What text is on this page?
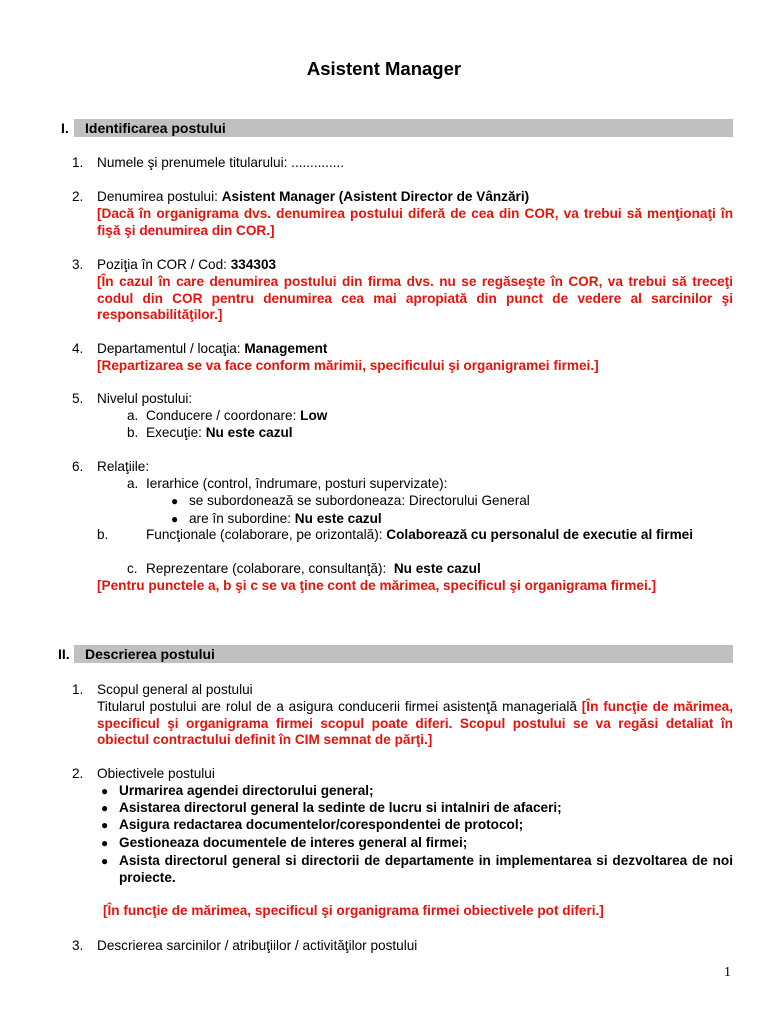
Asistent Manager
I.	Identificarea postului
1. Numele şi prenumele titularului: ..............
2. Denumirea postului: Asistent Manager (Asistent Director de Vânzări)
[Dacă în organigrama dvs. denumirea postului diferă de cea din COR, va trebui să menţionaţi în fişă şi denumirea din COR.]
3. Poziţia în COR / Cod: 334303
[În cazul în care denumirea postului din firma dvs. nu se regăseşte în COR, va trebui să treceţi codul din COR pentru denumirea cea mai apropiată din punct de vedere al sarcinilor şi responsabilităţilor.]
4. Departamentul / locaţia: Management
[Repartizarea se va face conform mărimii, specificului şi organigramei firmei.]
5. Nivelul postului:
a. Conducere / coordonare: Low
b. Execuţie: Nu este cazul
6. Relaţiile:
a. Ierarhice (control, îndrumare, posturi supervizate):
● se subordonează se subordoneaza: Directorului General
● are în subordine: Nu este cazul
b.	Funcţionale (colaborare, pe orizontală): Colaborează cu personalul de executie al firmei
c. Reprezentare (colaborare, consultanţă):  Nu este cazul
[Pentru punctele a, b şi c se va ţine cont de mărimea, specificul şi organigrama firmei.]
II.	Descrierea postului
1. Scopul general al postului
Titularul postului are rolul de a asigura conducerii firmei asistenţă managerială [În funcţie de mărimea, specificul şi organigrama firmei scopul poate diferi. Scopul postului se va regăsi detaliat în obiectul contractului definit în CIM semnat de părţi.]
2. Obiectivele postului
● Urmarirea agendei directorului general;
● Asistarea directorul general la sedinte de lucru si intalniri de afaceri;
● Asigura redactarea documentelor/corespondentei de protocol;
● Gestioneaza documentele de interes general al firmei;
● Asista directorul general si directorii de departamente in implementarea si dezvoltarea de noi proiecte.
[În funcţie de mărimea, specificul şi organigrama firmei obiectivele pot diferi.]
3. Descrierea sarcinilor / atribuţiilor / activităţilor postului
1
